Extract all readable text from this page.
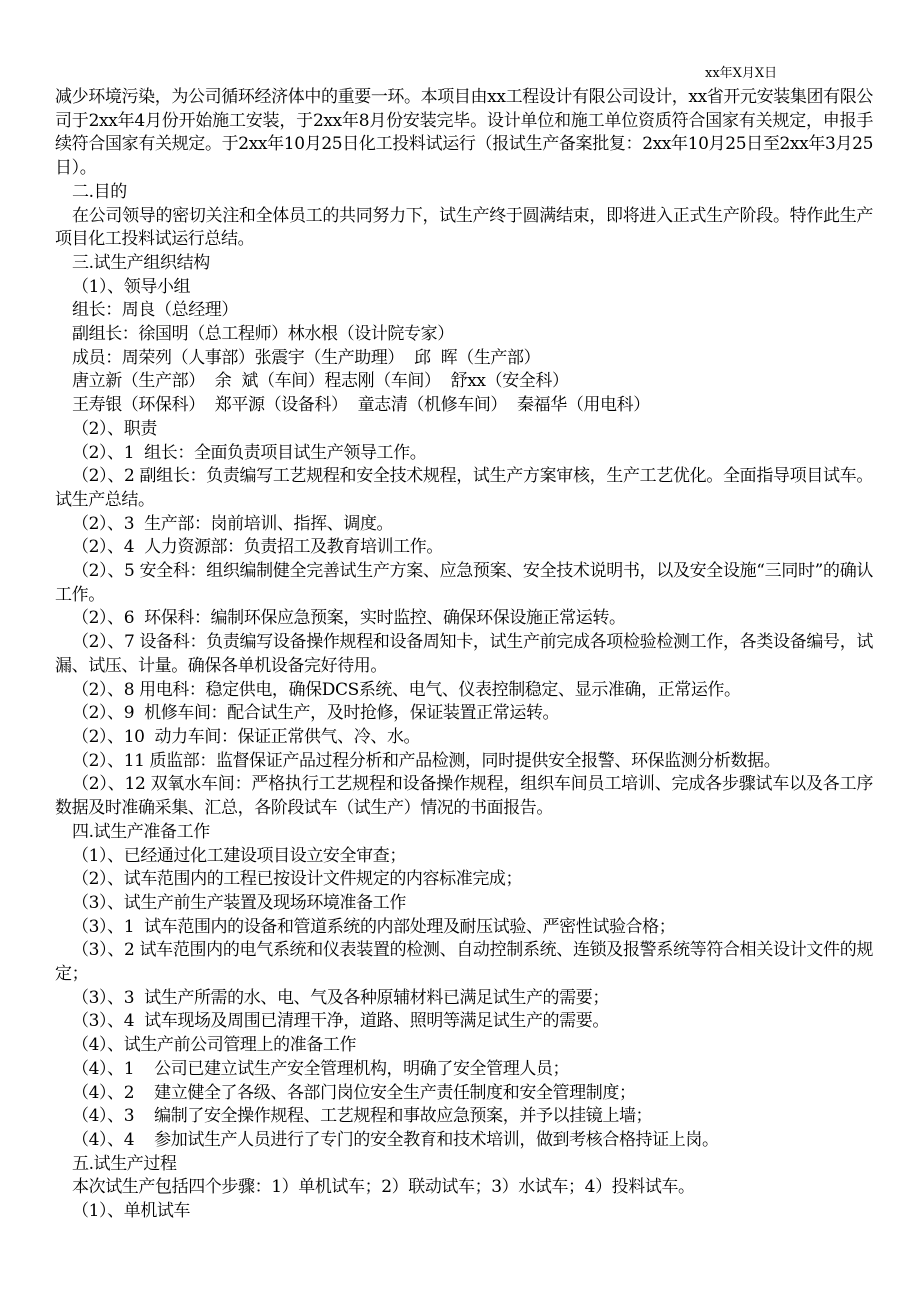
xx年X月X日

减少环境污染，为公司循环经济体中的重要一环。本项目由xx工程设计有限公司设计，xx省开元安装集团有限公司于2xx年4月份开始施工安装，于2xx年8月份安装完毕。设计单位和施工单位资质符合国家有关规定，申报手续符合国家有关规定。于2xx年10月25日化工投料试运行（报试生产备案批复：2xx年10月25日至2xx年3月25日）。

二.目的

在公司领导的密切关注和全体员工的共同努力下，试生产终于圆满结束，即将进入正式生产阶段。特作此生产项目化工投料试运行总结。

三.试生产组织结构

（1）、领导小组

组长：周良（总经理）

副组长：徐国明（总工程师）林水根（设计院专家）

成员：周荣列（人事部）张震宇（生产助理）  邱  晖（生产部）

唐立新（生产部）  余  斌（车间）程志刚（车间）  舒xx（安全科）

王寿银（环保科）  郑平源（设备科）  童志清（机修车间）  秦福华（用电科）

（2）、职责

（2）、1  组长：全面负责项目试生产领导工作。

（2）、2 副组长：负责编写工艺规程和安全技术规程，试生产方案审核，生产工艺优化。全面指导项目试车。试生产总结。

（2）、3  生产部：岗前培训、指挥、调度。

（2）、4  人力资源部：负责招工及教育培训工作。

（2）、5 安全科：组织编制健全完善试生产方案、应急预案、安全技术说明书，以及安全设施“三同时”的确认工作。

（2）、6  环保科：编制环保应急预案，实时监控、确保环保设施正常运转。

（2）、7 设备科：负责编写设备操作规程和设备周知卡，试生产前完成各项检验检测工作，各类设备编号，试漏、试压、计量。确保各单机设备完好待用。

（2）、8 用电科：稳定供电，确保DCS系统、电气、仪表控制稳定、显示准确，正常运作。

（2）、9  机修车间：配合试生产，及时抢修，保证装置正常运转。

（2）、10  动力车间：保证正常供气、冷、水。

（2）、11 质监部：监督保证产品过程分析和产品检测，同时提供安全报警、环保监测分析数据。

（2）、12 双氧水车间：严格执行工艺规程和设备操作规程，组织车间员工培训、完成各步骤试车以及各工序数据及时准确采集、汇总，各阶段试车（试生产）情况的书面报告。

四.试生产准备工作

（1）、已经通过化工建设项目设立安全审查；

（2）、试车范围内的工程已按设计文件规定的内容标准完成；

（3）、试生产前生产装置及现场环境准备工作

（3）、1  试车范围内的设备和管道系统的内部处理及耐压试验、严密性试验合格；

（3）、2 试车范围内的电气系统和仪表装置的检测、自动控制系统、连锁及报警系统等符合相关设计文件的规定；

（3）、3  试生产所需的水、电、气及各种原辅材料已满足试生产的需要；

（3）、4  试车现场及周围已清理干净，道路、照明等满足试生产的需要。

（4）、试生产前公司管理上的准备工作

（4）、1    公司已建立试生产安全管理机构，明确了安全管理人员；

（4）、2    建立健全了各级、各部门岗位安全生产责任制度和安全管理制度；

（4）、3    编制了安全操作规程、工艺规程和事故应急预案，并予以挂镜上墙；

（4）、4    参加试生产人员进行了专门的安全教育和技术培训，做到考核合格持证上岗。

五.试生产过程

本次试生产包括四个步骤：1）单机试车；2）联动试车；3）水试车；4）投料试车。

（1）、单机试车
